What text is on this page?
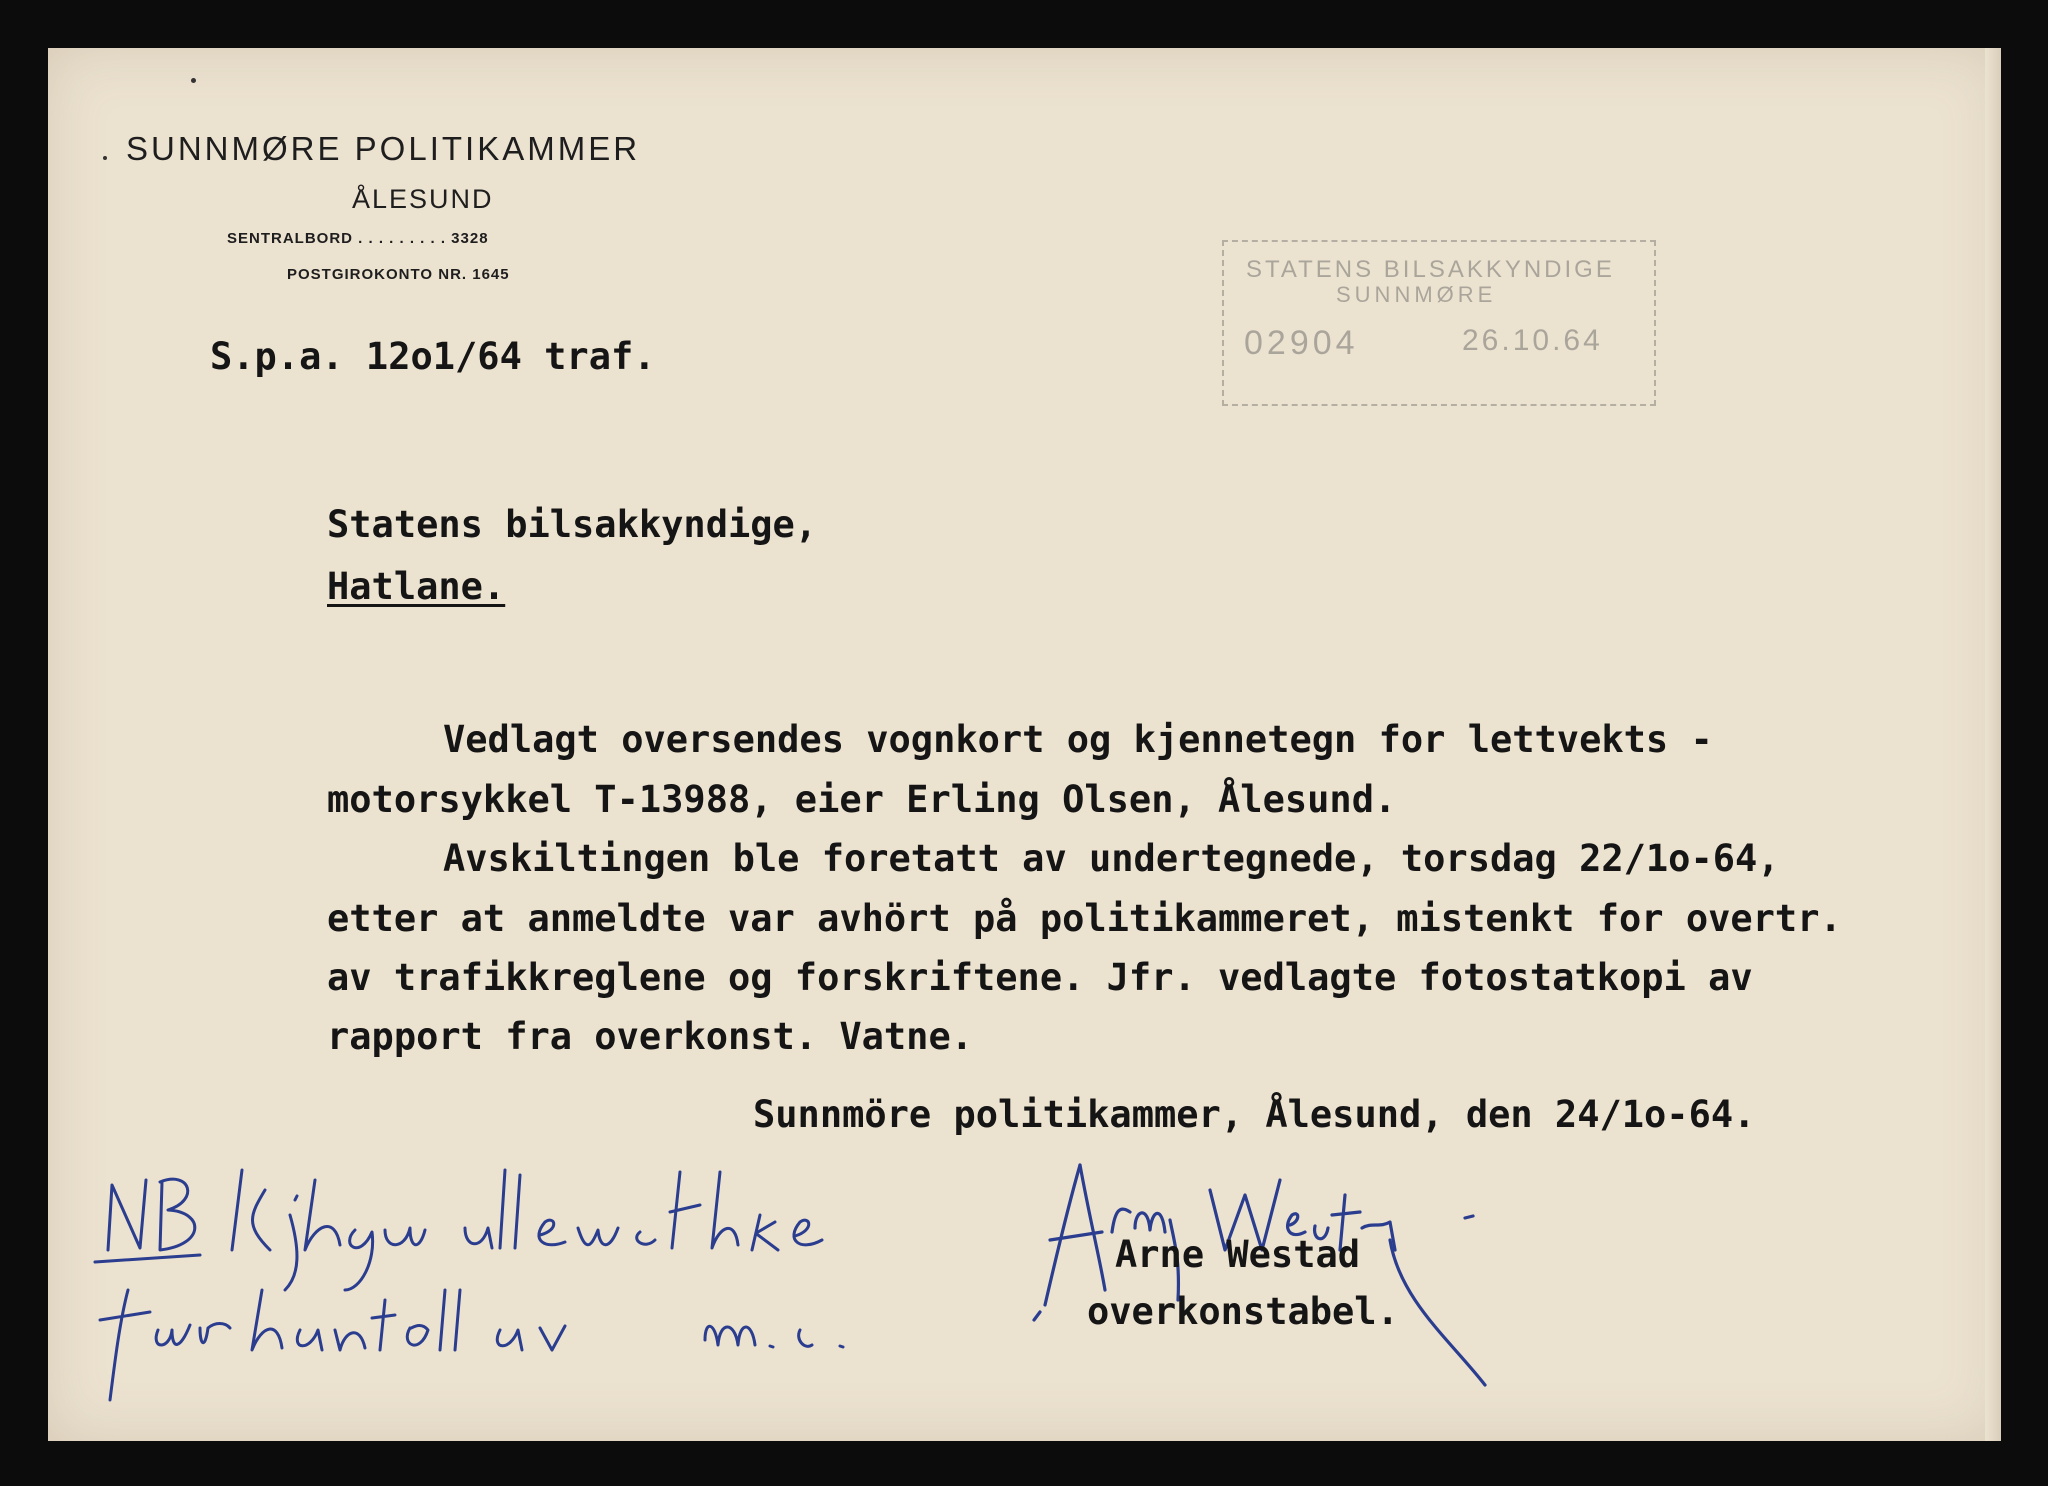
SUNNMØRE POLITIKAMMER
ÅLESUND
SENTRALBORD . . . . . . . . . 3328
POSTGIROKONTO NR. 1645
S.p.a. 12o1/64 traf.
STATENS BILSAKKYNDIGE
SUNNMØRE
02904	26.10.64
Statens bilsakkyndige,
Hatlane.
Vedlagt oversendes vognkort og kjennetegn for lettvekts -
motorsykkel T-13988, eier Erling Olsen, Ålesund.
Avskiltingen ble foretatt av undertegnede, torsdag 22/1o-64,
etter at anmeldte var avhört på politikammeret, mistenkt for overtr.
av trafikkreglene og forskriftene. Jfr. vedlagte fotostatkopi av
rapport fra overkonst. Vatne.
Sunnmöre politikammer, Ålesund, den 24/1o-64.
Arne Westad
overkonstabel.
